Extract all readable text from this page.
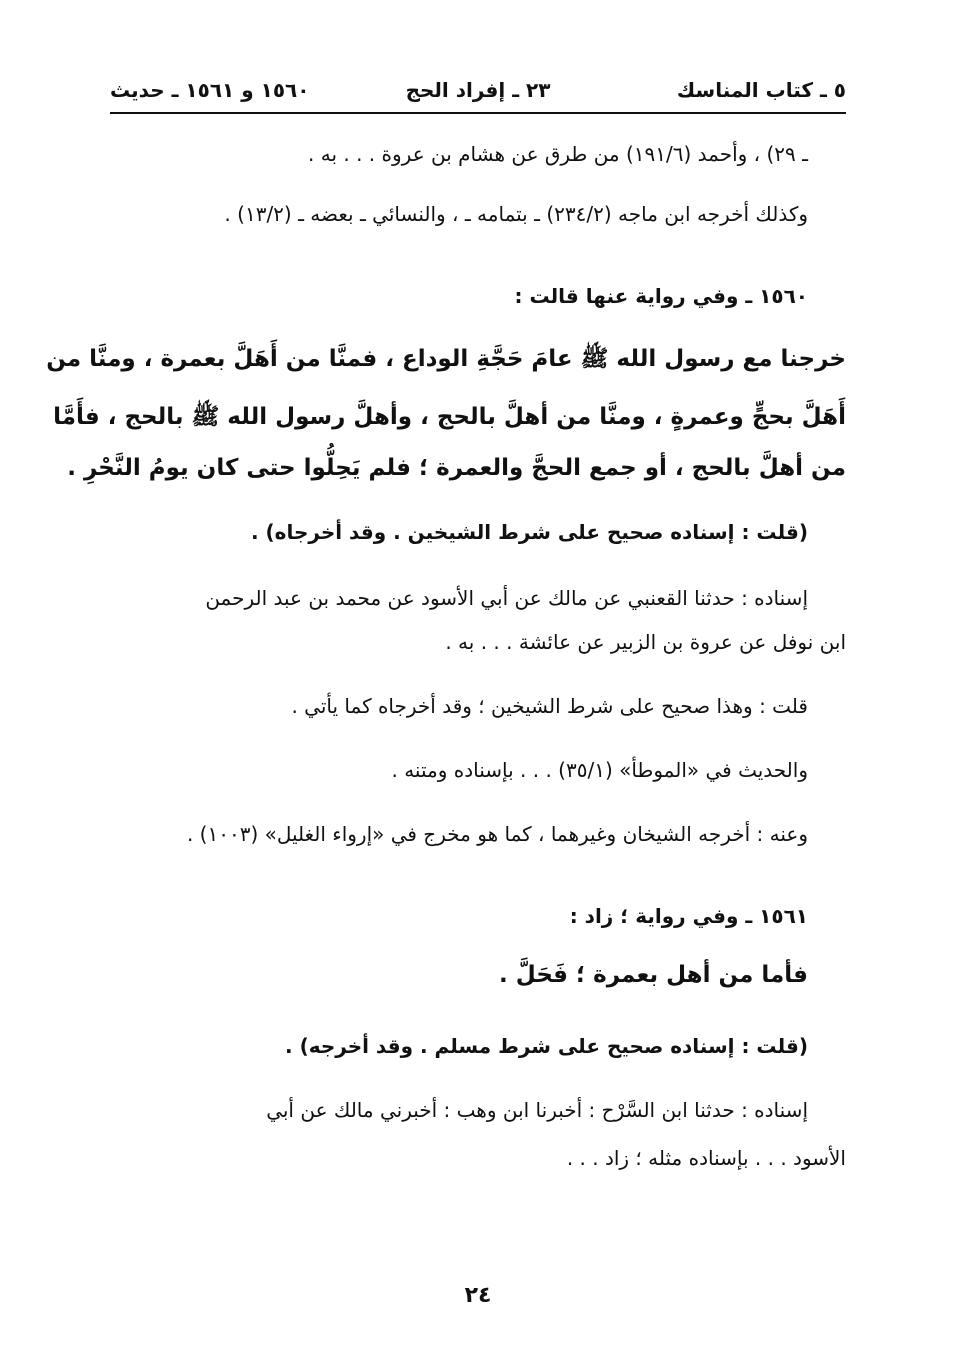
٥ ـ كتاب المناسك
٢٣ ـ إفراد الحج
١٥٦٠ و ١٥٦١ ـ حديث
ـ ٢٩) ، وأحمد (١٩١/٦) من طرق عن هشام بن عروة . . . به .
وكذلك أخرجه ابن ماجه (٢٣٤/٢) ـ بتمامه ـ ، والنسائي ـ بعضه ـ (١٣/٢) .
١٥٦٠ ـ وفي رواية عنها قالت :
خرجنا مع رسول الله ﷺ عامَ حَجَّةِ الوداع ، فمنَّا من أَهَلَّ بعمرة ، ومنَّا من
أَهَلَّ بحجٍّ وعمرةٍ ، ومنَّا من أهلَّ بالحج ، وأهلَّ رسول الله ﷺ بالحج ، فأَمَّا
من أهلَّ بالحج ، أو جمع الحجَّ والعمرة ؛ فلم يَحِلُّوا حتى كان يومُ النَّحْرِ .
(قلت : إسناده صحيح على شرط الشيخين . وقد أخرجاه) .
إسناده : حدثنا القعنبي عن مالك عن أبي الأسود عن محمد بن عبد الرحمن
ابن نوفل عن عروة بن الزبير عن عائشة . . . به .
قلت : وهذا صحيح على شرط الشيخين ؛ وقد أخرجاه كما يأتي .
والحديث في «الموطأ» (٣٥/١) . . . بإسناده ومتنه .
وعنه : أخرجه الشيخان وغيرهما ، كما هو مخرج في «إرواء الغليل» (١٠٠٣) .
١٥٦١ ـ وفي رواية ؛ زاد :
فأما من أهل بعمرة ؛ فَحَلَّ .
(قلت : إسناده صحيح على شرط مسلم . وقد أخرجه) .
إسناده : حدثنا ابن السَّرْح : أخبرنا ابن وهب : أخبرني مالك عن أبي
الأسود . . . بإسناده مثله ؛ زاد . . .
٢٤
